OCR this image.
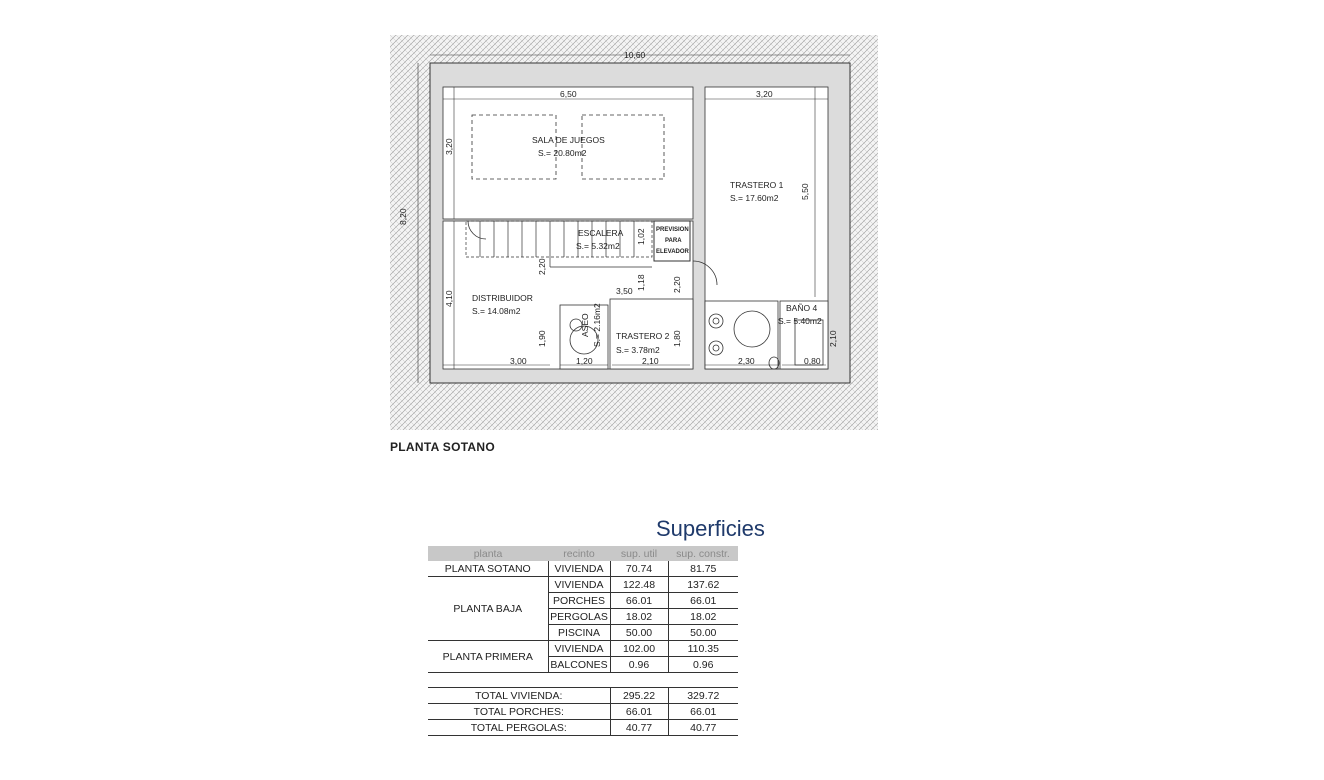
10,60
6,50	3,20
8,20
3,20
4,10
5,50
3,00	1,20	2,10	2,30	0,80
1,02
2,20
3,50 1,18	2,20
1,90	1,80	2,10
SALA DE JUEGOS
S.= 20.80m2
TRASTERO 1
S.= 17.60m2
ESCALERA
S.= 5.32m2
DISTRIBUIDOR
S.= 14.08m2
TRASTERO 2
S.= 3.78m2
ASEO S.= 2.16m2	BAÑO 4
S.= 5.40m2
PREVISION
PARA
ELEVADOR
PLANTA SOTANO
Superficies
planta	recinto	sup. util	sup. constr.
PLANTA SOTANO	VIVIENDA	70.74	81.75
PLANTA BAJA	VIVIENDA	122.48	137.62
	PORCHES	66.01	66.01
	PERGOLAS	18.02	18.02
	PISCINA	50.00	50.00
PLANTA PRIMERA	VIVIENDA	102.00	110.35
	BALCONES	0.96	0.96

TOTAL VIVIENDA:		295.22	329.72
TOTAL PORCHES:		66.01	66.01
TOTAL PERGOLAS:		40.77	40.77
